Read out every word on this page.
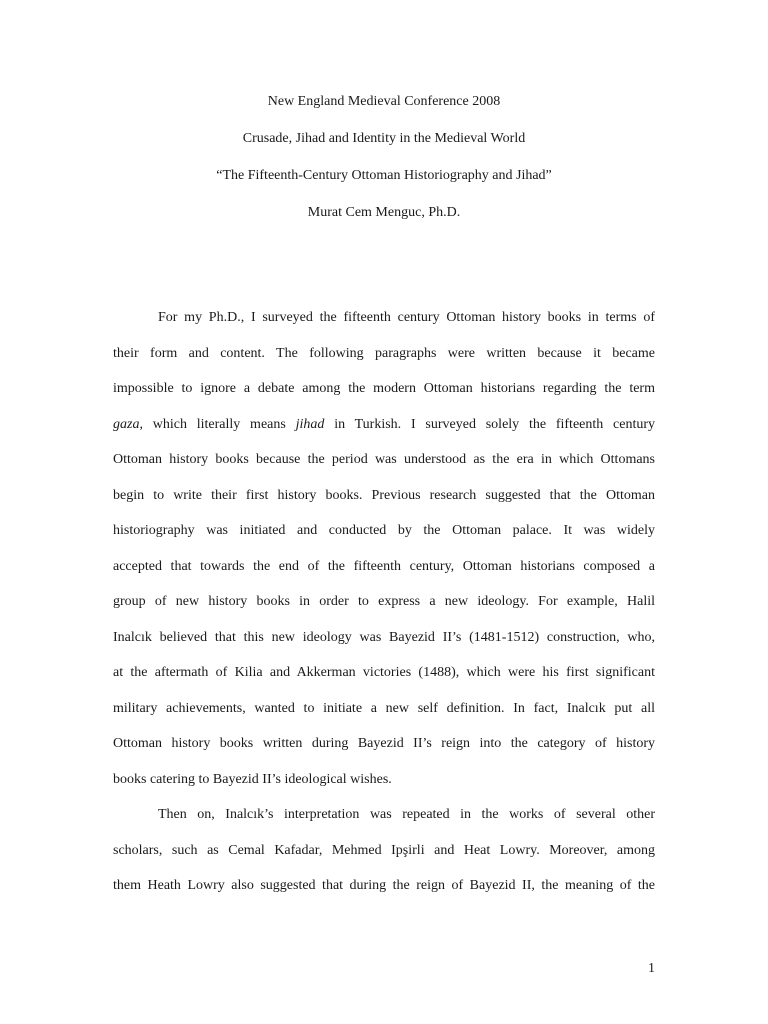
New England Medieval Conference 2008
Crusade, Jihad and Identity in the Medieval World
“The Fifteenth-Century Ottoman Historiography and Jihad”
Murat Cem Menguc, Ph.D.
For my Ph.D., I surveyed the fifteenth century Ottoman history books in terms of
their form and content. The following paragraphs were written because it became
impossible to ignore a debate among the modern Ottoman historians regarding the term
gaza, which literally means jihad in Turkish. I surveyed solely the fifteenth century
Ottoman history books because the period was understood as the era in which Ottomans
begin to write their first history books. Previous research suggested that the Ottoman
historiography was initiated and conducted by the Ottoman palace. It was widely
accepted that towards the end of the fifteenth century, Ottoman historians composed a
group of new history books in order to express a new ideology. For example, Halil
Inalcık believed that this new ideology was Bayezid II’s (1481-1512) construction, who,
at the aftermath of Kilia and Akkerman victories (1488), which were his first significant
military achievements, wanted to initiate a new self definition. In fact, Inalcık put all
Ottoman history books written during Bayezid II’s reign into the category of history
books catering to Bayezid II’s ideological wishes.
Then on, Inalcık’s interpretation was repeated in the works of several other
scholars, such as Cemal Kafadar, Mehmed Ipşirli and Heat Lowry. Moreover, among
them Heath Lowry also suggested that during the reign of Bayezid II, the meaning of the
1
